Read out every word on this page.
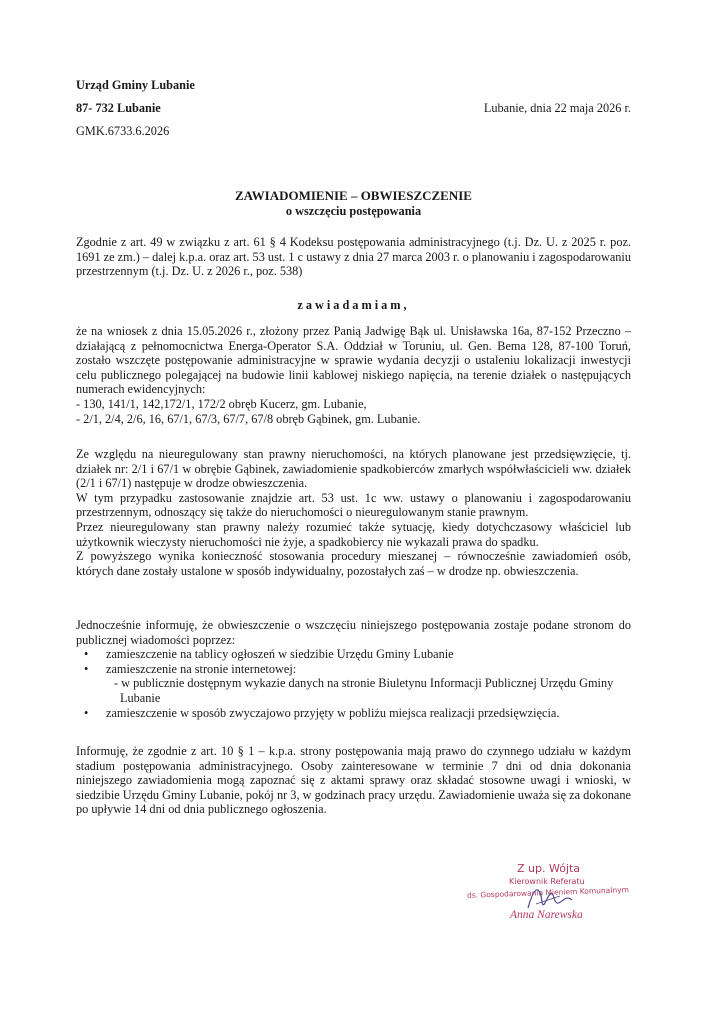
Urząd Gminy Lubanie
87- 732 Lubanie
GMK.6733.6.2026
Lubanie, dnia 22 maja 2026 r.
ZAWIADOMIENIE – OBWIESZCZENIE
o wszczęciu postępowania

Zgodnie z art. 49 w związku z art. 61 § 4 Kodeksu postępowania administracyjnego (t.j. Dz. U. z 2025 r. poz. 1691 ze zm.) – dalej k.p.a. oraz art. 53 ust. 1 c ustawy z dnia 27 marca 2003 r. o planowaniu i zagospodarowaniu przestrzennym (t.j. Dz. U. z 2026 r., poz. 538)

zawiadamiam,

że na wniosek z dnia 15.05.2026 r., złożony przez Panią Jadwigę Bąk ul. Unisławska 16a, 87-152 Przeczno – działającą z pełnomocnictwa Energa-Operator S.A. Oddział w Toruniu, ul. Gen. Bema 128, 87-100 Toruń, zostało wszczęte postępowanie administracyjne w sprawie wydania decyzji o ustaleniu lokalizacji inwestycji celu publicznego polegającej na budowie linii kablowej niskiego napięcia, na terenie działek o następujących numerach ewidencyjnych:

- 130, 141/1, 142,172/1, 172/2 obręb Kucerz, gm. Lubanie,
- 2/1, 2/4, 2/6, 16, 67/1, 67/3, 67/7, 67/8 obręb Gąbinek, gm. Lubanie.

Ze względu na nieuregulowany stan prawny nieruchomości, na których planowane jest przedsięwzięcie, tj. działek nr: 2/1 i 67/1 w obrębie Gąbinek, zawiadomienie spadkobierców zmarłych współwłaścicieli ww. działek (2/1 i 67/1) następuje w drodze obwieszczenia.

W tym przypadku zastosowanie znajdzie art. 53 ust. 1c ww. ustawy o planowaniu i zagospodarowaniu przestrzennym, odnoszący się także do nieruchomości o nieuregulowanym stanie prawnym.

Przez nieuregulowany stan prawny należy rozumieć także sytuację, kiedy dotychczasowy właściciel lub użytkownik wieczysty nieruchomości nie żyje, a spadkobiercy nie wykazali prawa do spadku.

Z powyższego wynika konieczność stosowania procedury mieszanej – równocześnie zawiadomień osób, których dane zostały ustalone w sposób indywidualny, pozostałych zaś – w drodze np. obwieszczenia.

Jednocześnie informuję, że obwieszczenie o wszczęciu niniejszego postępowania zostaje podane stronom do publicznej wiadomości poprzez:

• zamieszczenie na tablicy ogłoszeń w siedzibie Urzędu Gminy Lubanie
• zamieszczenie na stronie internetowej:
- w publicznie dostępnym wykazie danych na stronie Biuletynu Informacji Publicznej Urzędu Gminy Lubanie
• zamieszczenie w sposób zwyczajowo przyjęty w pobliżu miejsca realizacji przedsięwzięcia.

Informuję, że zgodnie z art. 10 § 1 – k.p.a. strony postępowania mają prawo do czynnego udziału w każdym stadium postępowania administracyjnego. Osoby zainteresowane w terminie 7 dni od dnia dokonania niniejszego zawiadomienia mogą zapoznać się z aktami sprawy oraz składać stosowne uwagi i wnioski, w siedzibie Urzędu Gminy Lubanie, pokój nr 3, w godzinach pracy urzędu. Zawiadomienie uważa się za dokonane po upływie 14 dni od dnia publicznego ogłoszenia.

Z up. Wójta
Kierownik Referatu
ds. Gospodarowania Mieniem Komunalnym
Anna Narewska
